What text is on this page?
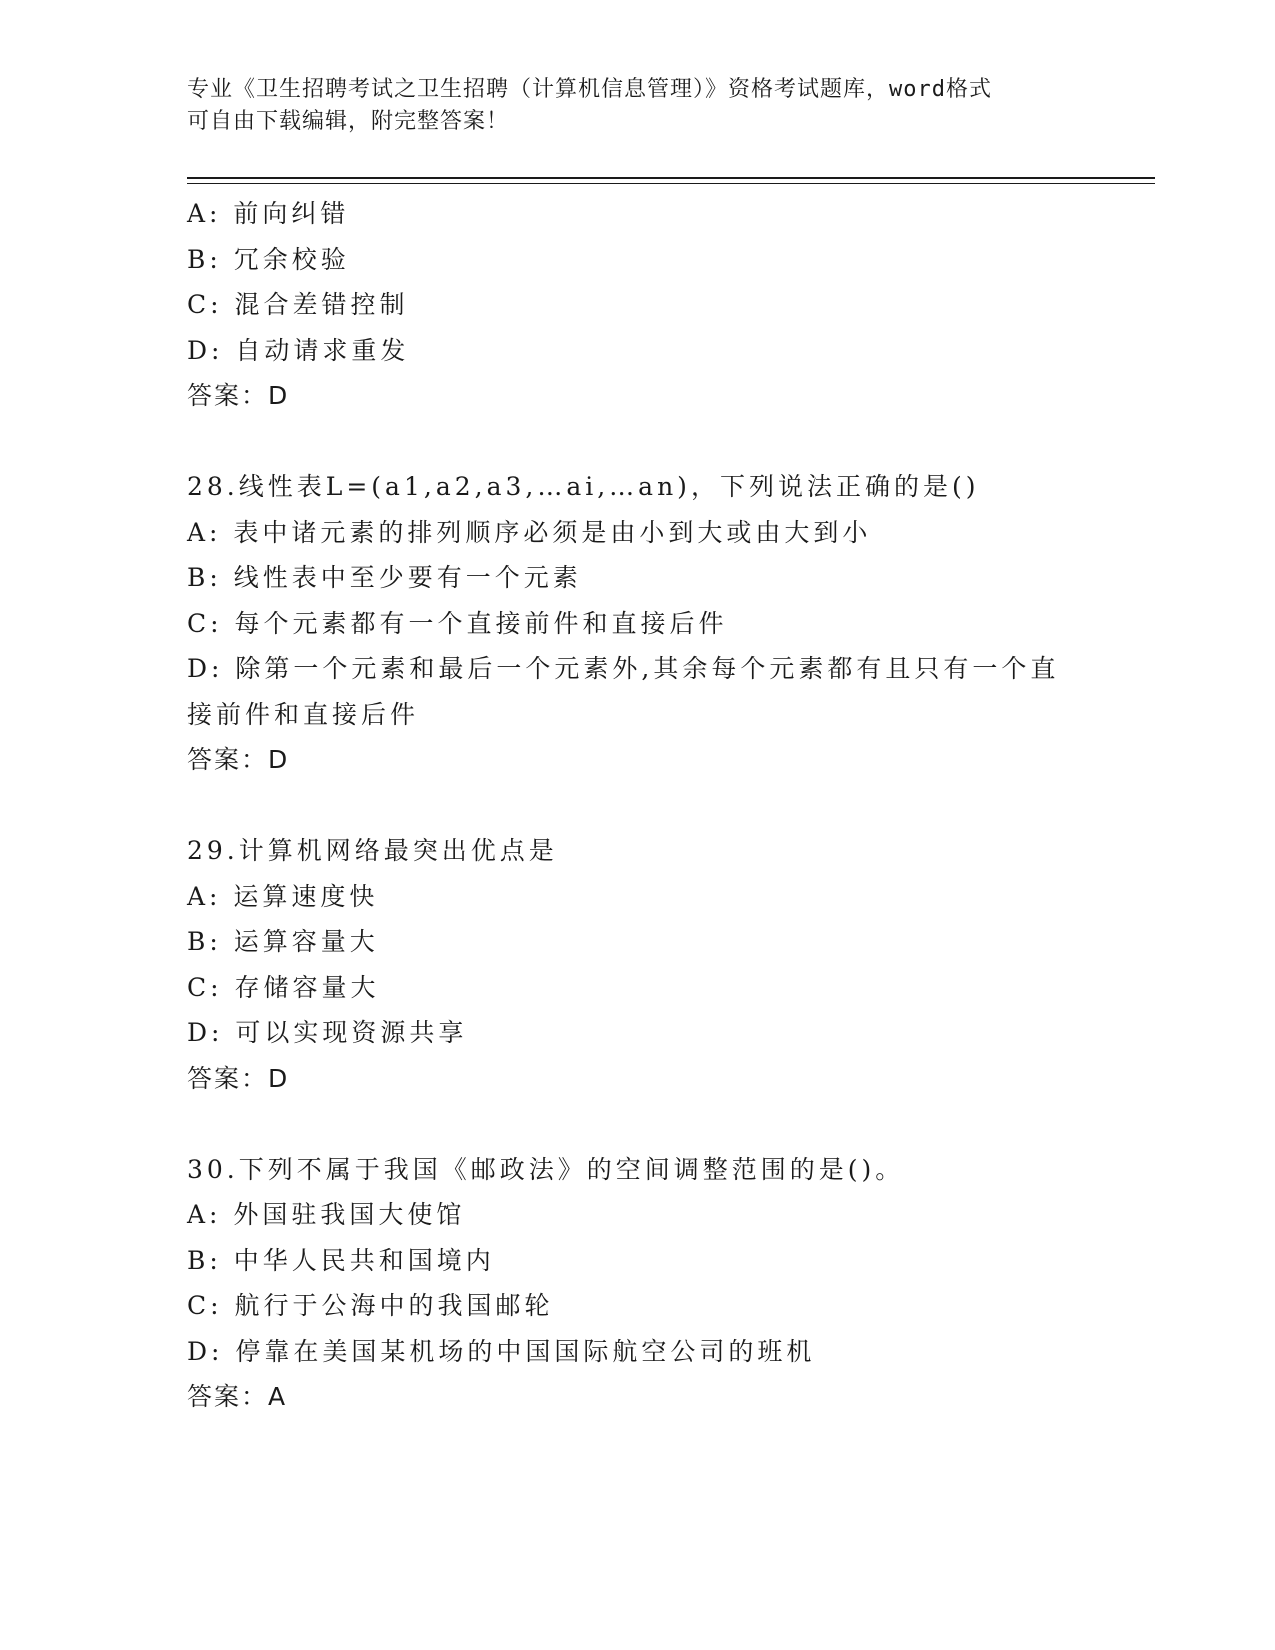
专业《卫生招聘考试之卫生招聘（计算机信息管理）》资格考试题库，word格式
可自由下载编辑，附完整答案！
A: 前向纠错
B: 冗余校验
C: 混合差错控制
D: 自动请求重发
答案：D
28.线性表L=(a1,a2,a3,…ai,…an)，下列说法正确的是()
A: 表中诸元素的排列顺序必须是由小到大或由大到小
B: 线性表中至少要有一个元素
C: 每个元素都有一个直接前件和直接后件
D: 除第一个元素和最后一个元素外,其余每个元素都有且只有一个直
接前件和直接后件
答案：D
29.计算机网络最突出优点是
A: 运算速度快
B: 运算容量大
C: 存储容量大
D: 可以实现资源共享
答案：D
30.下列不属于我国《邮政法》的空间调整范围的是()。
A: 外国驻我国大使馆
B: 中华人民共和国境内
C: 航行于公海中的我国邮轮
D: 停靠在美国某机场的中国国际航空公司的班机
答案：A
